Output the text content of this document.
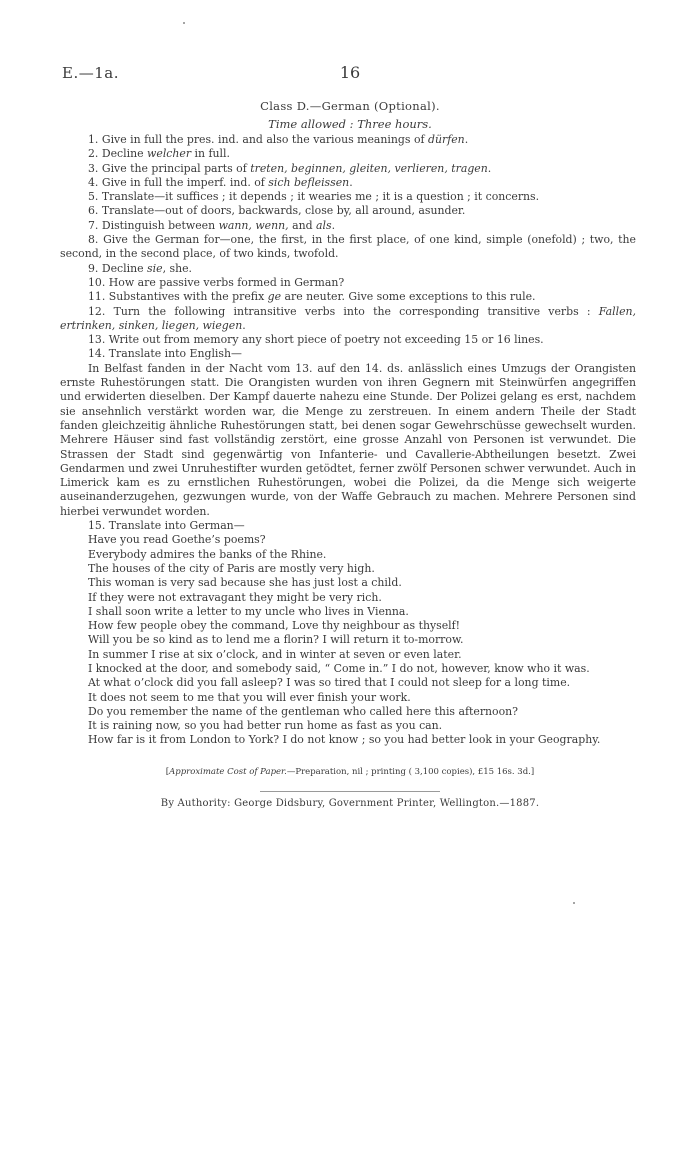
E.—1a.	16
Class D.—German (Optional).
Time allowed : Three hours.

1. Give in full the pres. ind. and also the various meanings of dürfen.

2. Decline welcher in full.

3. Give the principal parts of treten, beginnen, gleiten, verlieren, tragen.

4. Give in full the imperf. ind. of sich befleissen.

5. Translate—it suffices ; it depends ; it wearies me ; it is a question ; it concerns.

6. Translate—out of doors, backwards, close by, all around, asunder.

7. Distinguish between wann, wenn, and als.

8. Give the German for—one, the first, in the first place, of one kind, simple (onefold) ; two, the second, in the second place, of two kinds, twofold.

9. Decline sie, she.

10. How are passive verbs formed in German?

11. Substantives with the prefix ge are neuter. Give some exceptions to this rule.

12. Turn the following intransitive verbs into the corresponding transitive verbs : Fallen, ertrinken, sinken, liegen, wiegen.

13. Write out from memory any short piece of poetry not exceeding 15 or 16 lines.

14. Translate into English—

In Belfast fanden in der Nacht vom 13. auf den 14. ds. anlässlich eines Umzugs der Orangisten ernste Ruhestörungen statt. Die Orangisten wurden von ihren Gegnern mit Steinwürfen angegriffen und erwiderten dieselben. Der Kampf dauerte nahezu eine Stunde. Der Polizei gelang es erst, nachdem sie ansehnlich verstärkt worden war, die Menge zu zerstreuen. In einem andern Theile der Stadt fanden gleichzeitig ähnliche Ruhestörungen statt, bei denen sogar Gewehrschüsse gewechselt wurden. Mehrere Häuser sind fast vollständig zerstört, eine grosse Anzahl von Personen ist verwundet. Die Strassen der Stadt sind gegenwärtig von Infanterie- und Cavallerie-Abtheilungen besetzt. Zwei Gendarmen und zwei Unruhestifter wurden getödtet, ferner zwölf Personen schwer verwundet. Auch in Limerick kam es zu ernstlichen Ruhestörungen, wobei die Polizei, da die Menge sich weigerte auseinanderzugehen, gezwungen wurde, von der Waffe Gebrauch zu machen. Mehrere Personen sind hierbei verwundet worden.

15. Translate into German—

Have you read Goethe’s poems?

Everybody admires the banks of the Rhine.

The houses of the city of Paris are mostly very high.

This woman is very sad because she has just lost a child.

If they were not extravagant they might be very rich.

I shall soon write a letter to my uncle who lives in Vienna.

How few people obey the command, Love thy neighbour as thyself!

Will you be so kind as to lend me a florin? I will return it to-morrow.

In summer I rise at six o’clock, and in winter at seven or even later.

I knocked at the door, and somebody said, “ Come in.” I do not, however, know who it was.

At what o’clock did you fall asleep? I was so tired that I could not sleep for a long time.

It does not seem to me that you will ever finish your work.

Do you remember the name of the gentleman who called here this afternoon?

It is raining now, so you had better run home as fast as you can.

How far is it from London to York? I do not know ; so you had better look in your Geography.

[Approximate Cost of Paper.—Preparation, nil ; printing ( 3,100 copies), £15 16s. 3d.]
By Authority: George Didsbury, Government Printer, Wellington.—1887.
